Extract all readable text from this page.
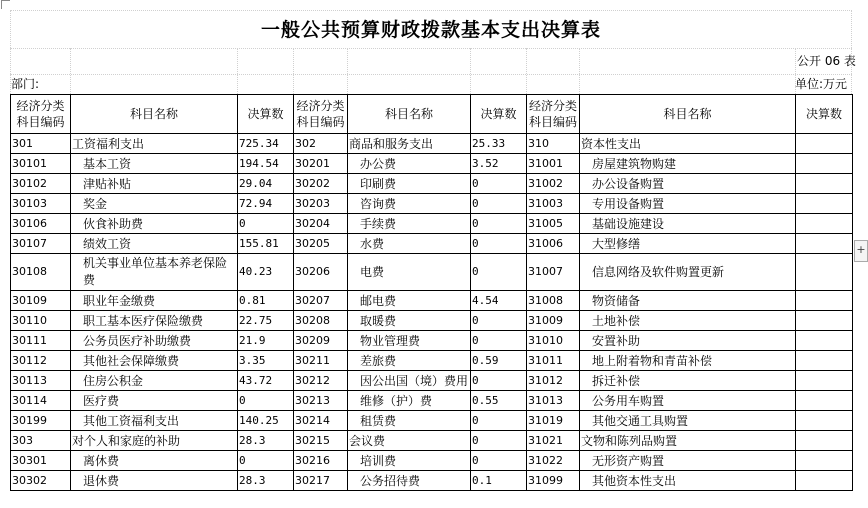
一般公共预算财政拨款基本支出决算表
公开 06 表
部门:	单位:万元
经济分类科目编码	科目名称	决算数	经济分类科目编码	科目名称	决算数	经济分类科目编码	科目名称	决算数
301	工资福利支出	725.34	302	商品和服务支出	25.33	310	资本性支出	
30101	基本工资	194.54	30201	办公费	3.52	31001	房屋建筑物购建	
30102	津贴补贴	29.04	30202	印刷费	0	31002	办公设备购置	
30103	奖金	72.94	30203	咨询费	0	31003	专用设备购置	
30106	伙食补助费	0	30204	手续费	0	31005	基础设施建设	
30107	绩效工资	155.81	30205	水费	0	31006	大型修缮	
30108	机关事业单位基本养老保险费	40.23	30206	电费	0	31007	信息网络及软件购置更新	
30109	职业年金缴费	0.81	30207	邮电费	4.54	31008	物资储备	
30110	职工基本医疗保险缴费	22.75	30208	取暖费	0	31009	土地补偿	
30111	公务员医疗补助缴费	21.9	30209	物业管理费	0	31010	安置补助	
30112	其他社会保障缴费	3.35	30211	差旅费	0.59	31011	地上附着物和青苗补偿	
30113	住房公积金	43.72	30212	因公出国（境）费用	0	31012	拆迁补偿	
30114	医疗费	0	30213	维修（护）费	0.55	31013	公务用车购置	
30199	其他工资福利支出	140.25	30214	租赁费	0	31019	其他交通工具购置	
303	对个人和家庭的补助	28.3	30215	会议费	0	31021	文物和陈列品购置	
30301	离休费	0	30216	培训费	0	31022	无形资产购置	
30302	退休费	28.3	30217	公务招待费	0.1	31099	其他资本性支出	
+
